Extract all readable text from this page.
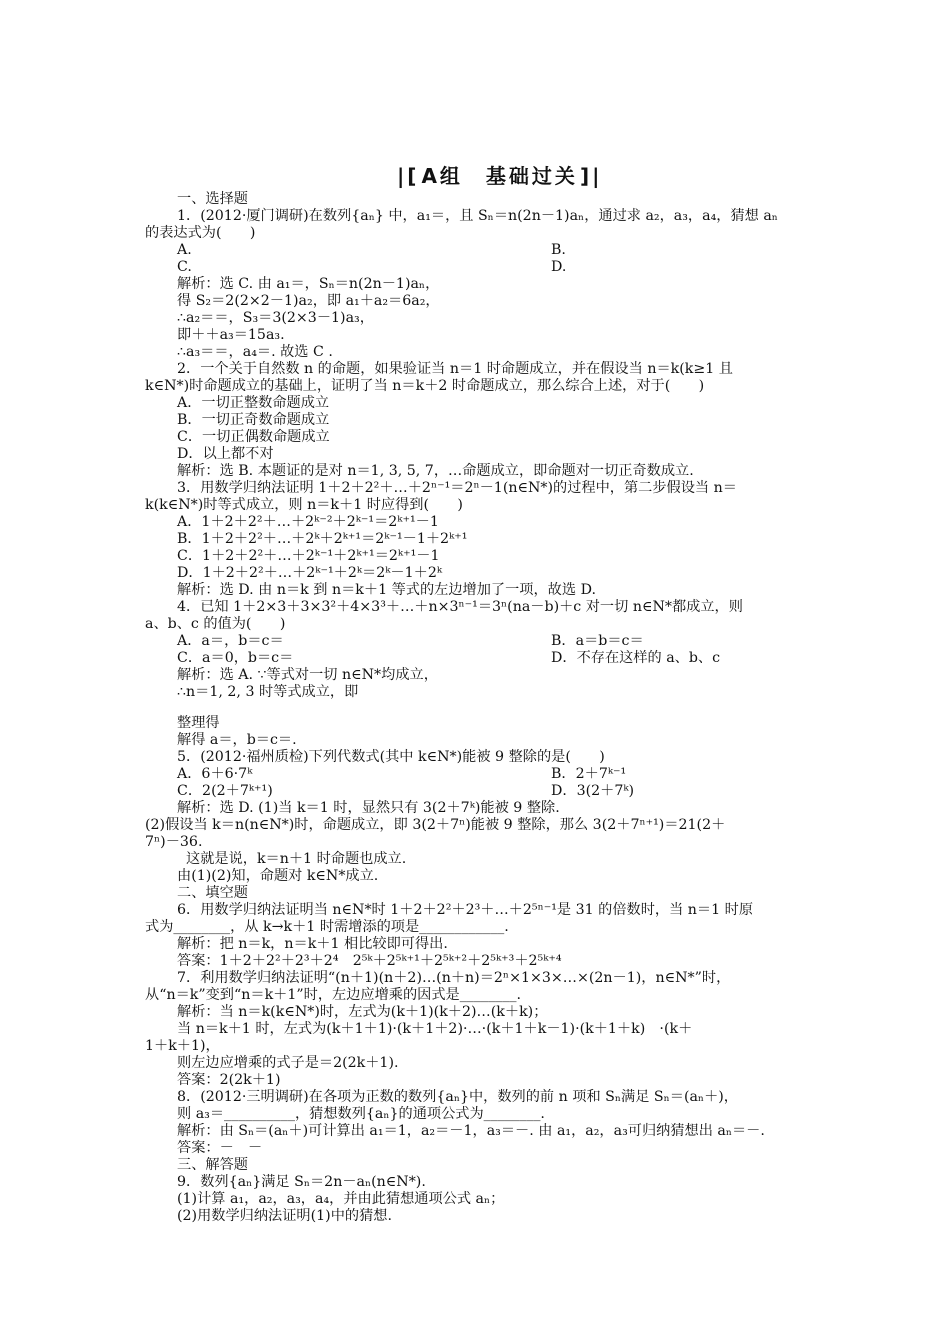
|[ A组　基础过关 ]|
一、选择题
1．(2012·厦门调研)在数列{aₙ} 中，a₁＝，且 Sₙ＝n(2n－1)aₙ，通过求 a₂，a₃，a₄，猜想 aₙ
的表达式为(　　)
A.	B.
C.	D.
解析：选 C. 由 a₁＝，Sₙ＝n(2n－1)aₙ，
得 S₂＝2(2×2－1)a₂，即 a₁＋a₂＝6a₂，
∴a₂＝＝，S₃＝3(2×3－1)a₃，
即＋＋a₃＝15a₃.
∴a₃＝＝，a₄＝. 故选 C .
2．一个关于自然数 n 的命题，如果验证当 n＝1 时命题成立，并在假设当 n＝k(k≥1 且
k∈N*)时命题成立的基础上，证明了当 n＝k＋2 时命题成立，那么综合上述，对于(　　)
A．一切正整数命题成立
B．一切正奇数命题成立
C．一切正偶数命题成立
D．以上都不对
解析：选 B. 本题证的是对 n＝1, 3, 5, 7，…命题成立，即命题对一切正奇数成立.
3．用数学归纳法证明 1＋2＋2²＋…＋2ⁿ⁻¹＝2ⁿ－1(n∈N*)的过程中，第二步假设当 n＝
k(k∈N*)时等式成立，则 n＝k＋1 时应得到(　　)
A．1＋2＋2²＋…＋2ᵏ⁻²＋2ᵏ⁻¹＝2ᵏ⁺¹－1
B．1＋2＋2²＋…＋2ᵏ＋2ᵏ⁺¹＝2ᵏ⁻¹－1＋2ᵏ⁺¹
C．1＋2＋2²＋…＋2ᵏ⁻¹＋2ᵏ⁺¹＝2ᵏ⁺¹－1
D．1＋2＋2²＋…＋2ᵏ⁻¹＋2ᵏ＝2ᵏ－1＋2ᵏ
解析：选 D. 由 n＝k 到 n＝k＋1 等式的左边增加了一项，故选 D.
4．已知 1＋2×3＋3×3²＋4×3³＋…＋n×3ⁿ⁻¹＝3ⁿ(na－b)＋c 对一切 n∈N*都成立，则
a、b、c 的值为(　　)
A．a＝，b＝c＝	B．a＝b＝c＝
C．a＝0，b＝c＝	D．不存在这样的 a、b、c
解析：选 A. ∵等式对一切 n∈N*均成立，
∴n＝1, 2, 3 时等式成立，即
整理得
解得 a＝，b＝c＝.
5．(2012·福州质检)下列代数式(其中 k∈N*)能被 9 整除的是(　　)
A．6＋6·7ᵏ	B．2＋7ᵏ⁻¹
C．2(2＋7ᵏ⁺¹)	D．3(2＋7ᵏ)
解析：选 D. (1)当 k＝1 时，显然只有 3(2＋7ᵏ)能被 9 整除.
(2)假设当 k＝n(n∈N*)时，命题成立，即 3(2＋7ⁿ)能被 9 整除，那么 3(2＋7ⁿ⁺¹)＝21(2＋
7ⁿ)－36.
这就是说，k＝n＋1 时命题也成立.
由(1)(2)知，命题对 k∈N*成立.
二、填空题
6．用数学归纳法证明当 n∈N*时 1＋2＋2²＋2³＋…＋2⁵ⁿ⁻¹是 31 的倍数时，当 n＝1 时原
式为________，从 k→k＋1 时需增添的项是____________.
解析：把 n＝k，n＝k＋1 相比较即可得出.
答案：1＋2＋2²＋2³＋2⁴　2⁵ᵏ＋2⁵ᵏ⁺¹＋2⁵ᵏ⁺²＋2⁵ᵏ⁺³＋2⁵ᵏ⁺⁴
7．利用数学归纳法证明“(n＋1)(n＋2)…(n＋n)＝2ⁿ×1×3×…×(2n－1)，n∈N*”时，
从“n＝k”变到“n＝k＋1”时，左边应增乘的因式是________.
解析：当 n＝k(k∈N*)时，左式为(k＋1)(k＋2)…(k＋k)；
当 n＝k＋1 时，左式为(k＋1＋1)·(k＋1＋2)·…·(k＋1＋k－1)·(k＋1＋k)　·(k＋
1＋k＋1)，
则左边应增乘的式子是＝2(2k＋1).
答案：2(2k＋1)
8．(2012·三明调研)在各项为正数的数列{aₙ}中，数列的前 n 项和 Sₙ满足 Sₙ＝(aₙ＋)，
则 a₃＝__________，猜想数列{aₙ}的通项公式为________.
解析：由 Sₙ＝(aₙ＋)可计算出 a₁＝1，a₂＝－1，a₃＝－. 由 a₁，a₂，a₃可归纳猜想出 aₙ＝－.
答案：－　－
三、解答题
9．数列{aₙ}满足 Sₙ＝2n－aₙ(n∈N*).
(1)计算 a₁，a₂，a₃，a₄，并由此猜想通项公式 aₙ；
(2)用数学归纳法证明(1)中的猜想.
